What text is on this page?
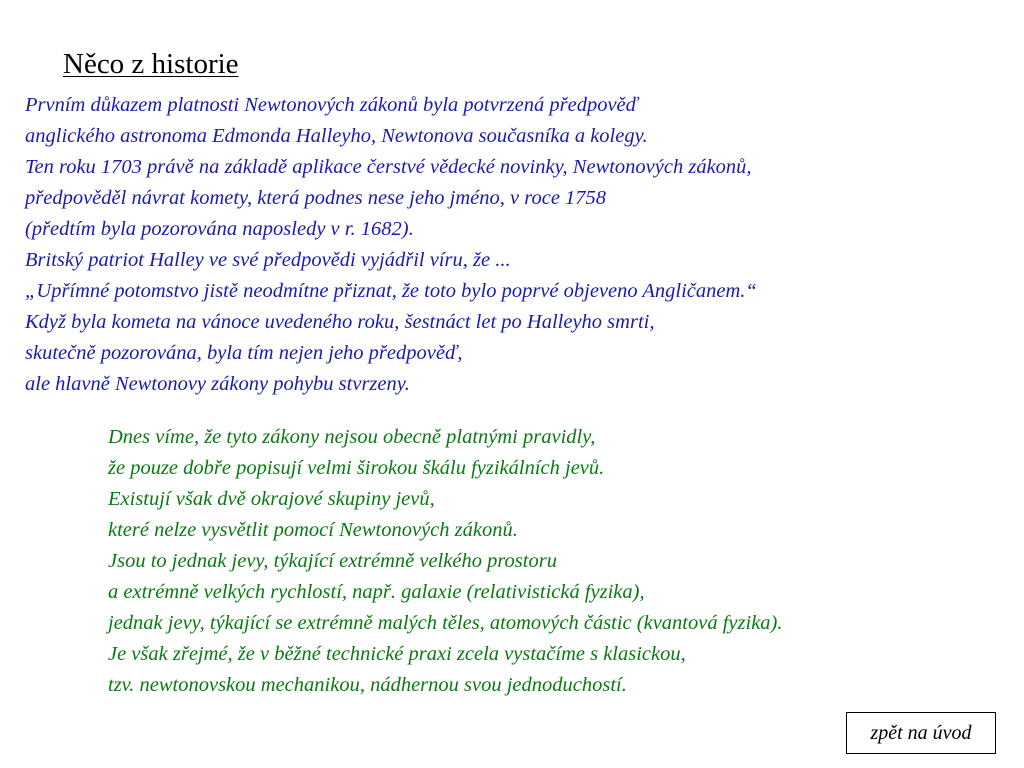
Něco z historie
Prvním důkazem platnosti Newtonových zákonů byla potvrzená předpověď
anglického astronoma Edmonda Halleyho, Newtonova současníka a kolegy.
Ten roku 1703 právě na základě aplikace čerstvé vědecké novinky, Newtonových zákonů,
předpověděl návrat komety, která podnes nese jeho jméno, v roce 1758
(předtím byla pozorována naposledy v r. 1682).
Britský patriot Halley ve své předpovědi vyjádřil víru, že ...
„Upřímné potomstvo jistě neodmítne přiznat, že toto bylo poprvé objeveno Angličanem.“
Když byla kometa na vánoce uvedeného roku, šestnáct let po Halleyho smrti,
skutečně pozorována, byla tím nejen jeho předpověď,
ale hlavně Newtonovy zákony pohybu stvrzeny.
Dnes víme, že tyto zákony nejsou obecně platnými pravidly,
že pouze dobře popisují velmi širokou škálu fyzikálních jevů.
Existují však dvě okrajové skupiny jevů,
které nelze vysvětlit pomocí Newtonových zákonů.
Jsou to jednak jevy, týkající extrémně velkého prostoru
a extrémně velkých rychlostí, např. galaxie (relativistická fyzika),
jednak jevy, týkající se extrémně malých těles, atomových částic (kvantová fyzika).
Je však zřejmé, že v běžné technické praxi zcela vystačíme s klasickou,
tzv. newtonovskou mechanikou, nádhernou svou jednoduchostí.
zpět na úvod
